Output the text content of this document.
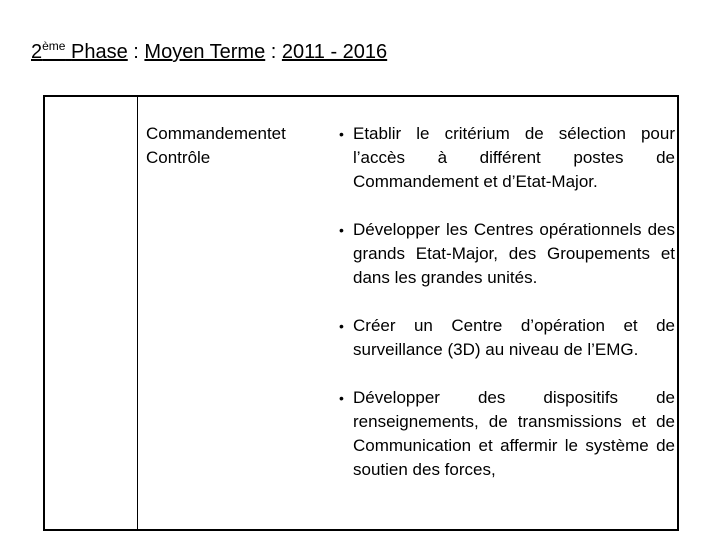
2ème Phase : Moyen Terme : 2011 - 2016
Commandementet
Contrôle
• Etablir le critérium de sélection pour l’accès à différent postes de Commandement et d’Etat-Major.
• Développer les Centres opérationnels des grands Etat-Major, des Groupements et dans les grandes unités.
• Créer un Centre d’opération et de surveillance (3D) au niveau de l’EMG.
• Développer des dispositifs de renseignements, de transmissions et de Communication et affermir le système de soutien des forces,
